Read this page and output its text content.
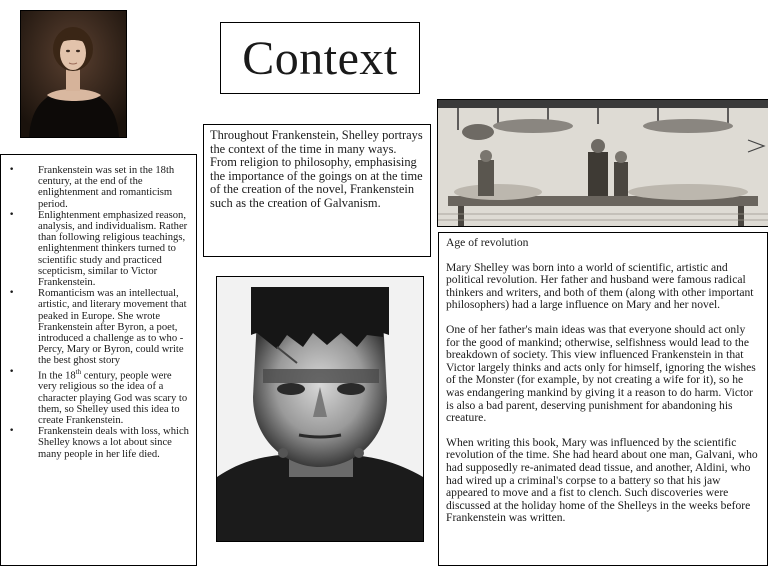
Context

Throughout Frankenstein, Shelley portrays the context of the time in many ways.

From religion to philosophy, emphasising the importance of the goings on at the time of the creation of the novel, Frankenstein such as the creation of Galvanism.

• Frankenstein was set in the 18th century, at the end of the enlightenment and romanticism period.
• Enlightenment emphasized reason, analysis, and individualism. Rather than following religious teachings, enlightenment thinkers turned to scientific study and practiced scepticism, similar to Victor Frankenstein.
• Romanticism was an intellectual, artistic, and literary movement that peaked in Europe. She wrote Frankenstein after Byron, a poet, introduced a challenge as to who - Percy, Mary or Byron, could write the best ghost story
• In the 18th century, people were very religious so the idea of a character playing God was scary to them, so Shelley used this idea to create Frankenstein.
• Frankenstein deals with loss, which Shelley knows a lot about since many people in her life died.

Age of revolution

Mary Shelley was born into a world of scientific, artistic and political revolution. Her father and husband were famous radical thinkers and writers, and both of them (along with other important philosophers) had a large influence on Mary and her novel.

One of her father's main ideas was that everyone should act only for the good of mankind; otherwise, selfishness would lead to the breakdown of society. This view influenced Frankenstein in that Victor largely thinks and acts only for himself, ignoring the wishes of the Monster (for example, by not creating a wife for it), so he was endangering mankind by giving it a reason to do harm. Victor is also a bad parent, deserving punishment for abandoning his creature.

When writing this book, Mary was influenced by the scientific revolution of the time. She had heard about one man, Galvani, who had supposedly re-animated dead tissue, and another, Aldini, who had wired up a criminal's corpse to a battery so that his jaw appeared to move and a fist to clench. Such discoveries were discussed at the holiday home of the Shelleys in the weeks before Frankenstein was written.
